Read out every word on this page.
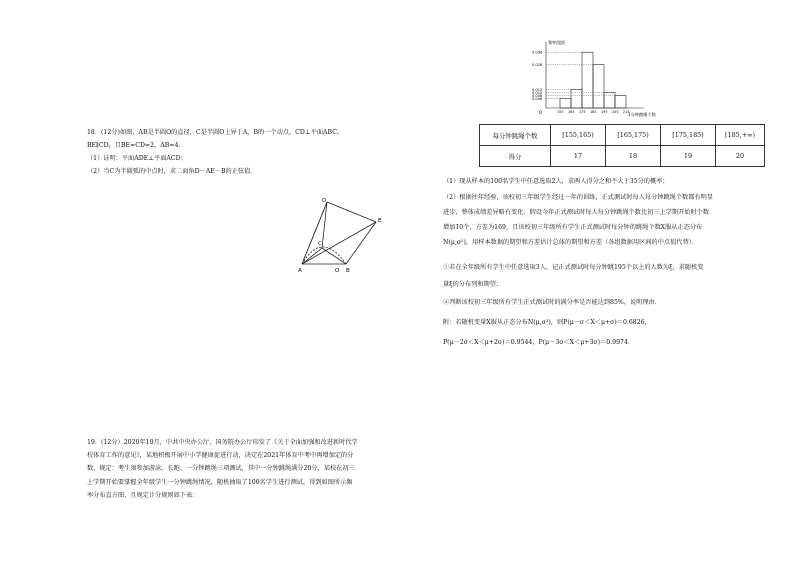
18．(12分)如图，AB是半圆O的直径，C是半圆O上异于A，B的一个动点，CD⊥平面ABC，
BE∥CD，且BE=CD=2，AB=4．
（1）证明：平面ADE⊥平面ACD；
（2）当C为半圆弧的中点时，求二面角D－AE－B的正弦值．
D
E
C
A	O B
19．(12分）2020年10月，中共中央办公厅、国务院办公厅印发了《关于全面加强和改进新时代学
校体育工作的意见》，某地积极开展中小学健康促进行动，决定在2021年体育中考中再增加定的分
数，规定：考生须参加游泳、长跑、一分钟跳绳三项测试，其中一分钟跳绳满分20分，某校在初三
上学期开始要掌握全年级学生一分钟跳绳情况，随机抽取了100名学生进行测试，得到如图所示频
率分布直方图，且规定计分规则如下表：
频率/组距
1分钟跳绳个数
O
0.036
0.028
0.012
0.010
0.008
0.006
155 165 175 185 195 205 215
每分钟跳绳个数	[155,165)	[165,175)	[175,185)	[185,+∞)
得分	17	18	19	20
（1）现从样本的100名学生中任意选取2人，求两人得分之和不大于35分的概率；
（2）根据往年经验，该校初三年级学生经过一年的训练，正式测试时每人每分钟跳绳个数都有明显
进步，整体成绩差异略有变化．假设今年正式测试时每人每分钟跳绳个数比初三上学期开始时个数
增加10个，方差为169，且该校初三年级所有学生正式测试时每分钟的跳绳个数X服从正态分布
N(μ,σ²)，用样本数据的期望和方差估计总体的期望和方差（各组数据用区间的中点值代替）．
①若在全年级所有学生中任意选取3人，记正式测试时每分钟跳195个以上的人数为ξ，求随机变
量ξ的分布列和期望；
②判断该校初三年级所有学生正式测试时的满分率是否能达到85%，说明理由．
附：若随机变量X服从正态分布N(μ,σ²)，则P(μ－σ＜X＜μ+σ)＝0.6826，
P(μ－2σ＜X＜μ+2σ)＝0.9544，P(μ－3σ＜X＜μ+3σ)＝0.9974．
